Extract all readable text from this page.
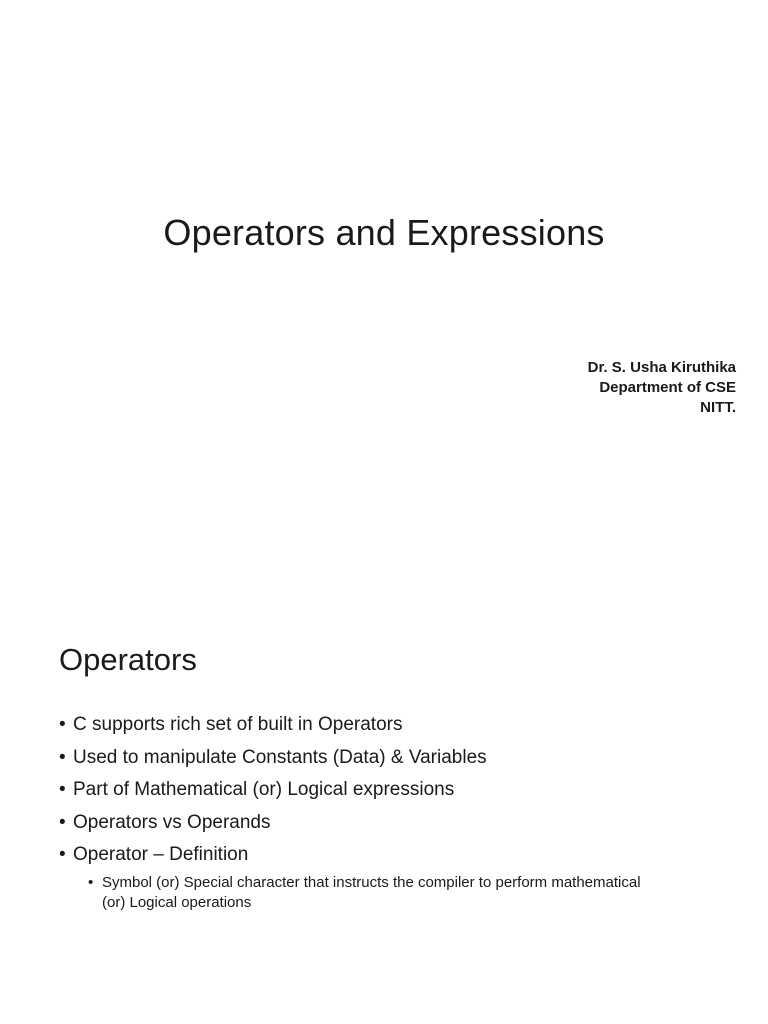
Operators and Expressions
Dr. S. Usha Kiruthika
Department of CSE
NITT.
Operators
• C supports rich set of built in Operators
• Used to manipulate Constants (Data) & Variables
• Part of Mathematical (or) Logical expressions
• Operators vs Operands
• Operator – Definition
• Symbol (or) Special character that instructs the compiler to perform mathematical (or) Logical operations
